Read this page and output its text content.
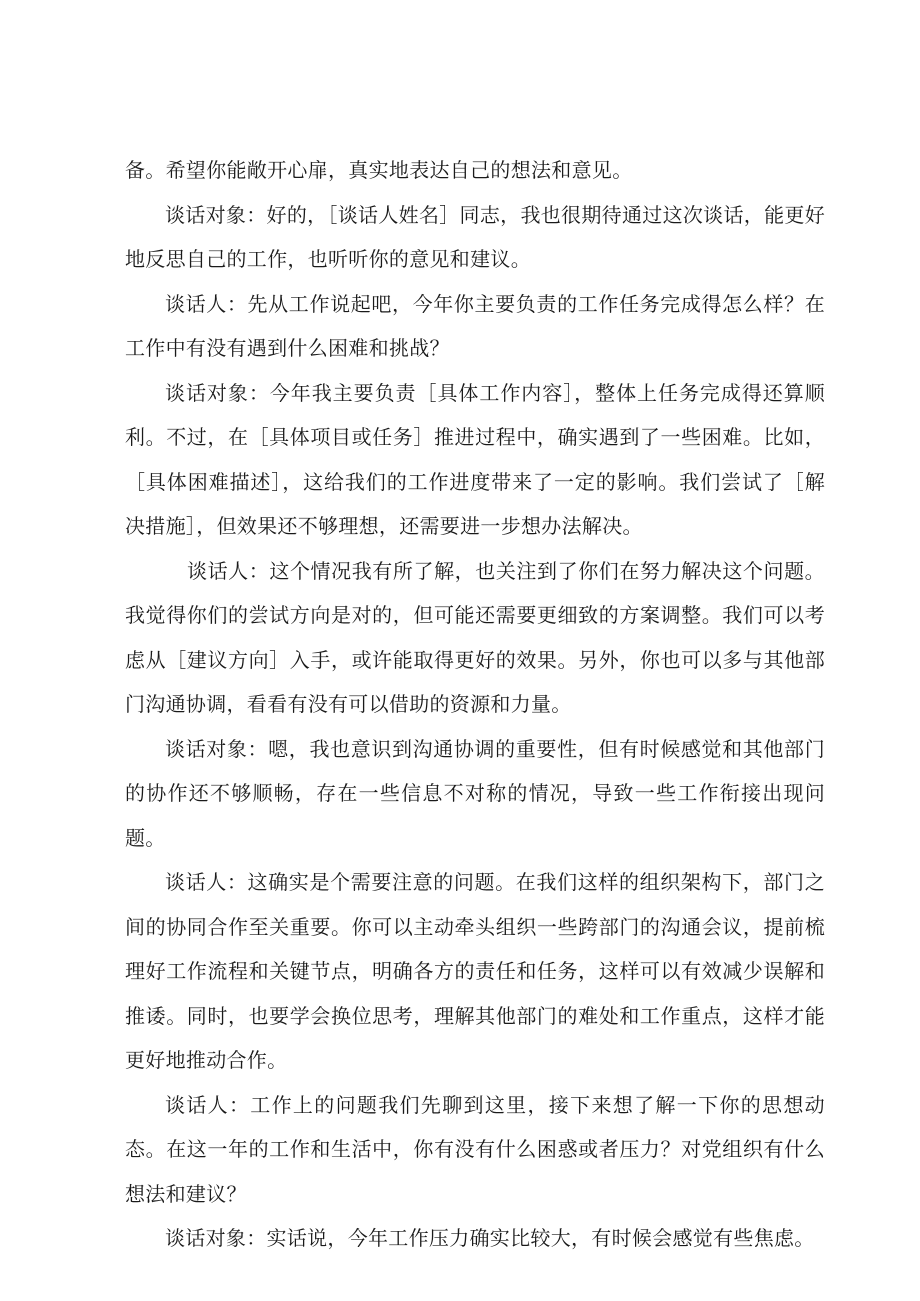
备。希望你能敞开心扉，真实地表达自己的想法和意见。

谈话对象：好的，［谈话人姓名］同志，我也很期待通过这次谈话，能更好地反思自己的工作，也听听你的意见和建议。

谈话人：先从工作说起吧，今年你主要负责的工作任务完成得怎么样？在工作中有没有遇到什么困难和挑战？

谈话对象：今年我主要负责［具体工作内容］，整体上任务完成得还算顺利。不过，在［具体项目或任务］推进过程中，确实遇到了一些困难。比如，［具体困难描述］，这给我们的工作进度带来了一定的影响。我们尝试了［解决措施］，但效果还不够理想，还需要进一步想办法解决。

谈话人：这个情况我有所了解，也关注到了你们在努力解决这个问题。我觉得你们的尝试方向是对的，但可能还需要更细致的方案调整。我们可以考虑从［建议方向］入手，或许能取得更好的效果。另外，你也可以多与其他部门沟通协调，看看有没有可以借助的资源和力量。

谈话对象：嗯，我也意识到沟通协调的重要性，但有时候感觉和其他部门的协作还不够顺畅，存在一些信息不对称的情况，导致一些工作衔接出现问题。

谈话人：这确实是个需要注意的问题。在我们这样的组织架构下，部门之间的协同合作至关重要。你可以主动牵头组织一些跨部门的沟通会议，提前梳理好工作流程和关键节点，明确各方的责任和任务，这样可以有效减少误解和推诿。同时，也要学会换位思考，理解其他部门的难处和工作重点，这样才能更好地推动合作。

谈话人：工作上的问题我们先聊到这里，接下来想了解一下你的思想动态。在这一年的工作和生活中，你有没有什么困惑或者压力？对党组织有什么想法和建议？

谈话对象：实话说，今年工作压力确实比较大，有时候会感觉有些焦虑。
